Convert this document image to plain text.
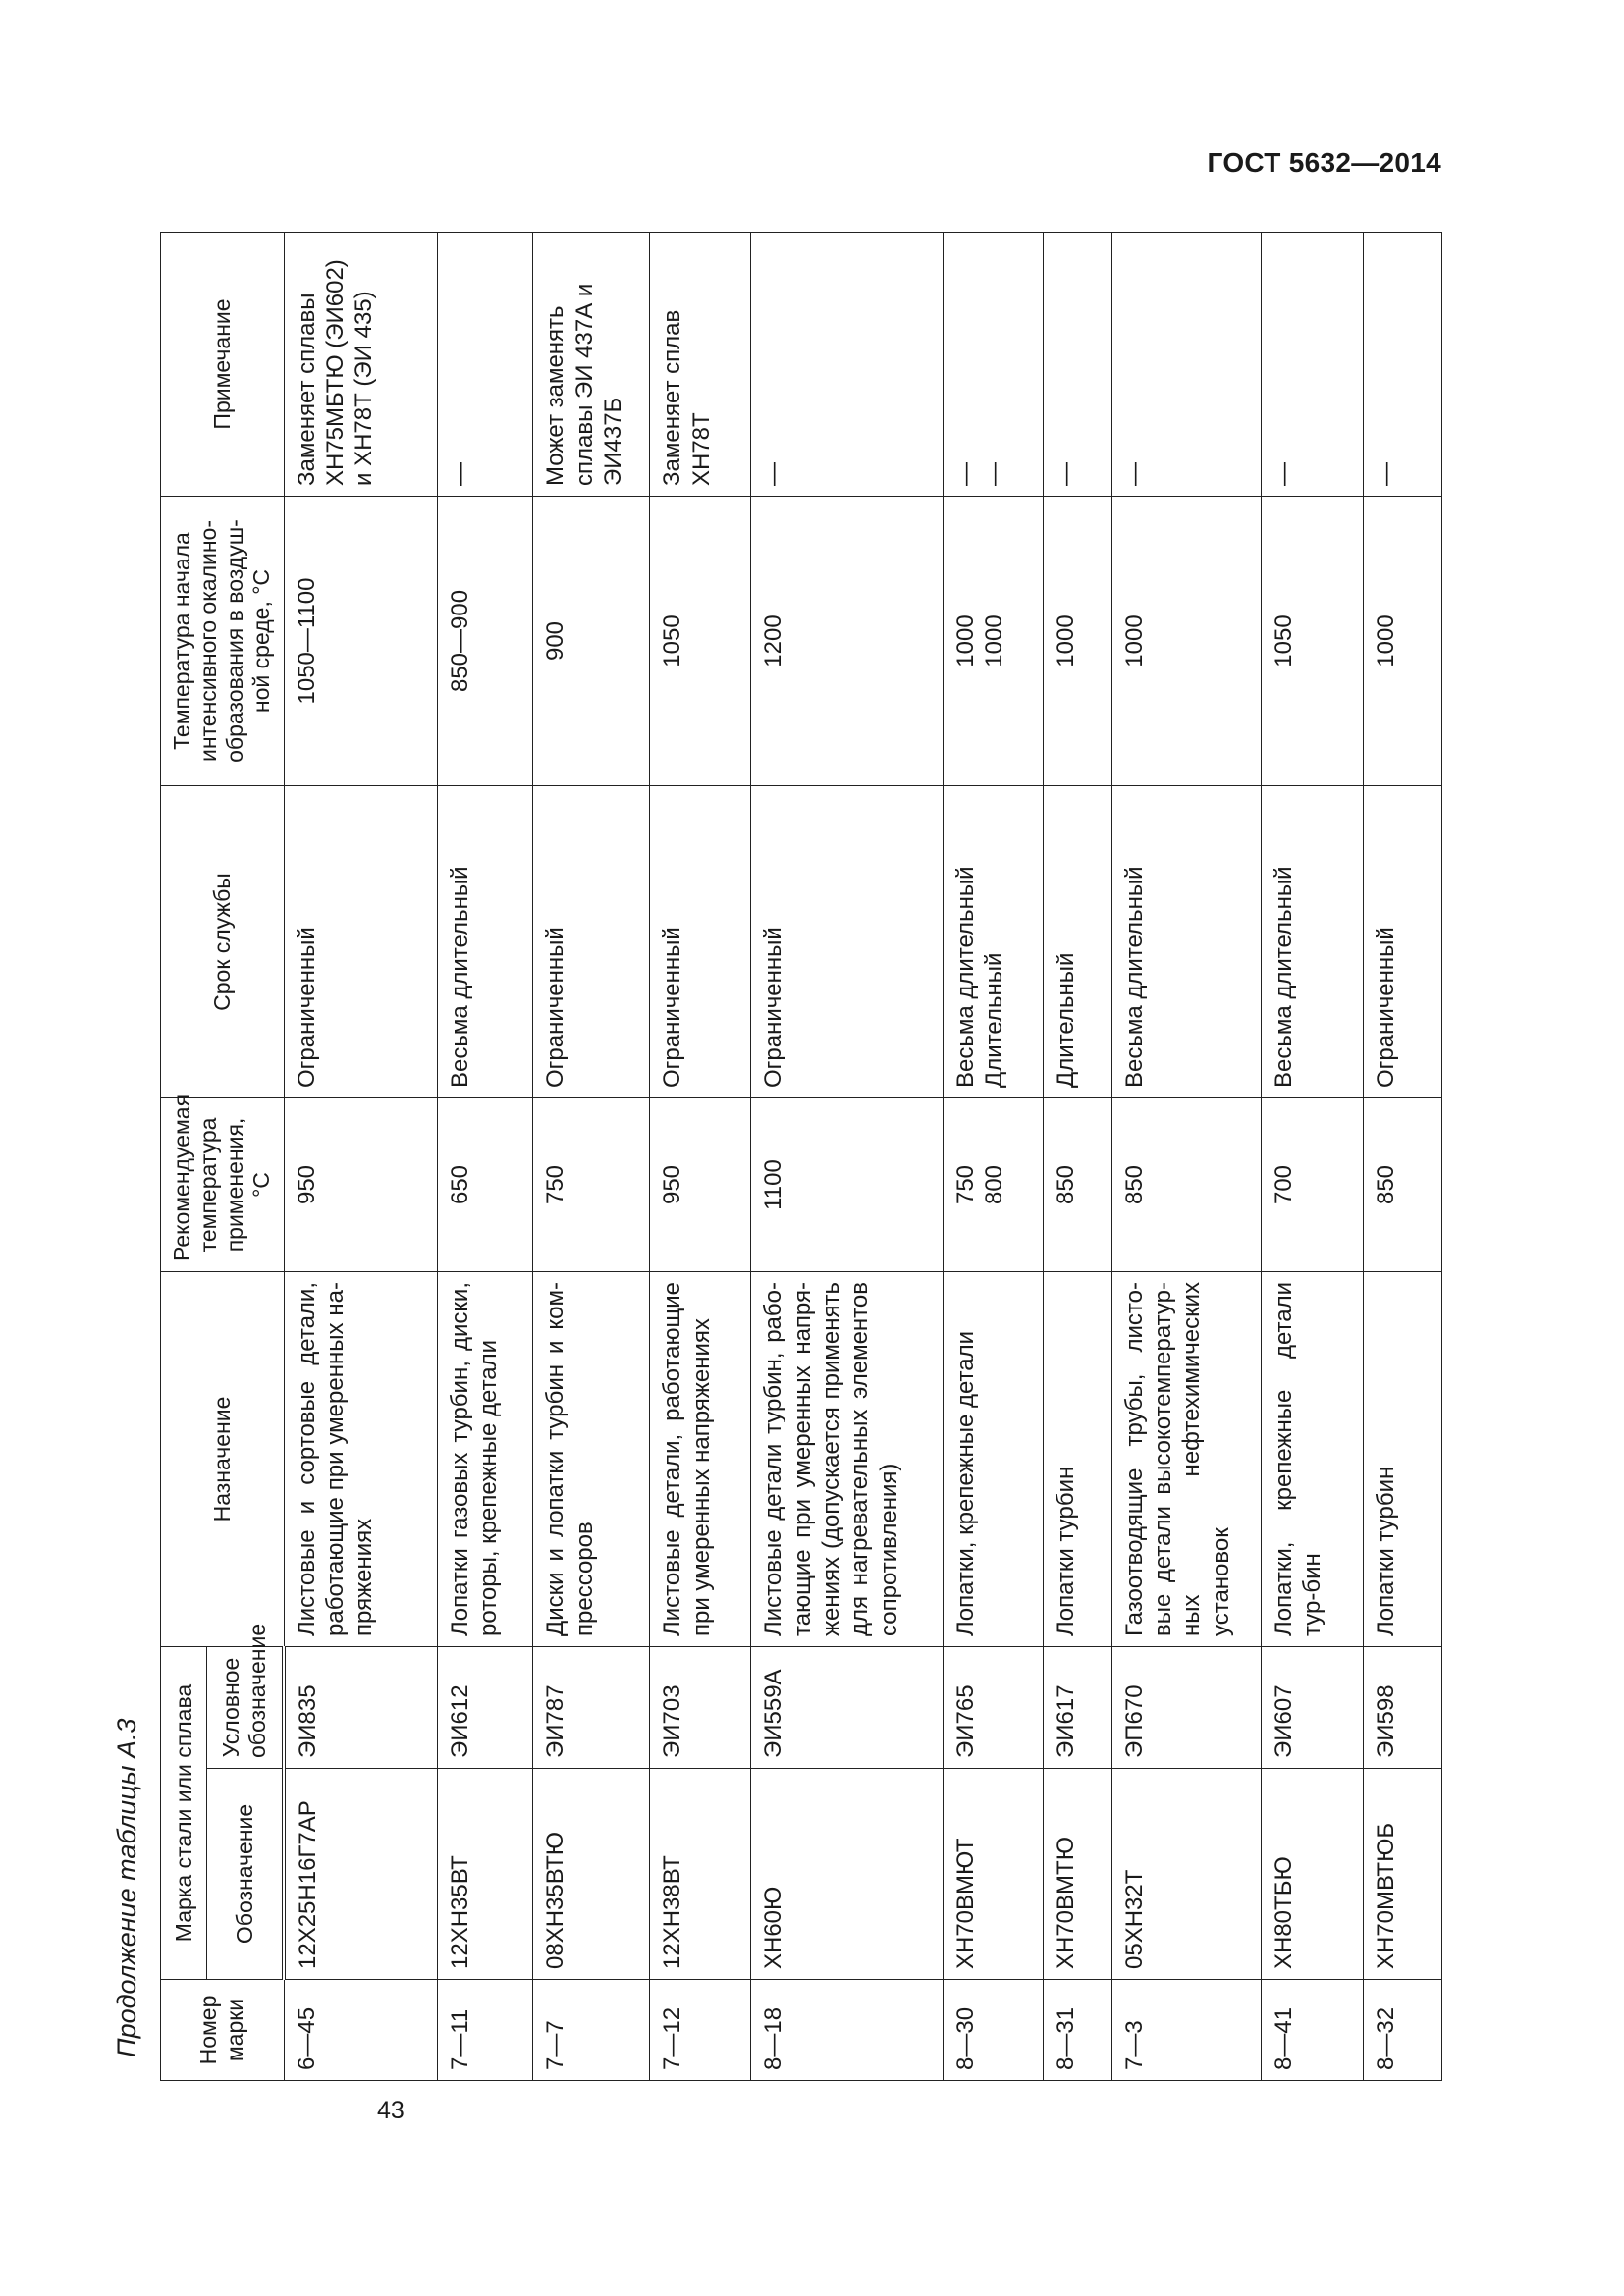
ГОСТ 5632—2014
Продолжение таблицы А.3 Номер марки	Марка стали или сплава		Назначение	Рекомендуемая температура применения, °С	Срок службы	Температура начала интенсивного окалино-образования в воздуш-ной среде, °С	Примечание
	Обозначение	Условное обозначение					
6—45	12Х25Н16Г7АР	ЭИ835	Листовые и сортовые детали, работающие при умеренных на-пряжениях	950	Ограниченный	1050—1100	Заменяет сплавы ХН75МБТЮ (ЭИ602) и ХН78Т (ЭИ 435)

7—11	12ХН35ВТ	ЭИ612	Лопатки газовых турбин, диски, роторы, крепежные детали	650	Весьма длительный	850—900	—

7—7	08ХН35ВТЮ	ЭИ787	Диски и лопатки турбин и ком-прессоров	750	Ограниченный	900	Может заменять сплавы ЭИ 437А и ЭИ437Б

7—12	12ХН38ВТ	ЭИ703	Листовые детали, работающие при умеренных напряжениях	950	Ограниченный	1050	Заменяет сплав ХН78Т

8—18	ХН60Ю	ЭИ559А	Листовые детали турбин, рабо-тающие при умеренных напря-жениях (допускается применять для нагревательных элементов сопротивления)	1100	Ограниченный	1200	—

8—30	ХН70ВМЮТ	ЭИ765	Лопатки, крепежные детали	750 800	Весьма длительный Длительный	1000 1000	— —

8—31	ХН70ВМТЮ	ЭИ617	Лопатки турбин	850	Длительный	1000	—

7—3	05ХН32Т	ЭП670	Газоотводящие трубы, листо-вые детали высокотемператур-ных нефтехимических установок	850	Весьма длительный	1000	—

8—41	ХН80ТБЮ	ЭИ607	Лопатки, крепежные детали тур-бин	700	Весьма длительный	1050	—

8—32	ХН70МВТЮБ	ЭИ598	Лопатки турбин	850	Ограниченный	1000	—
43
